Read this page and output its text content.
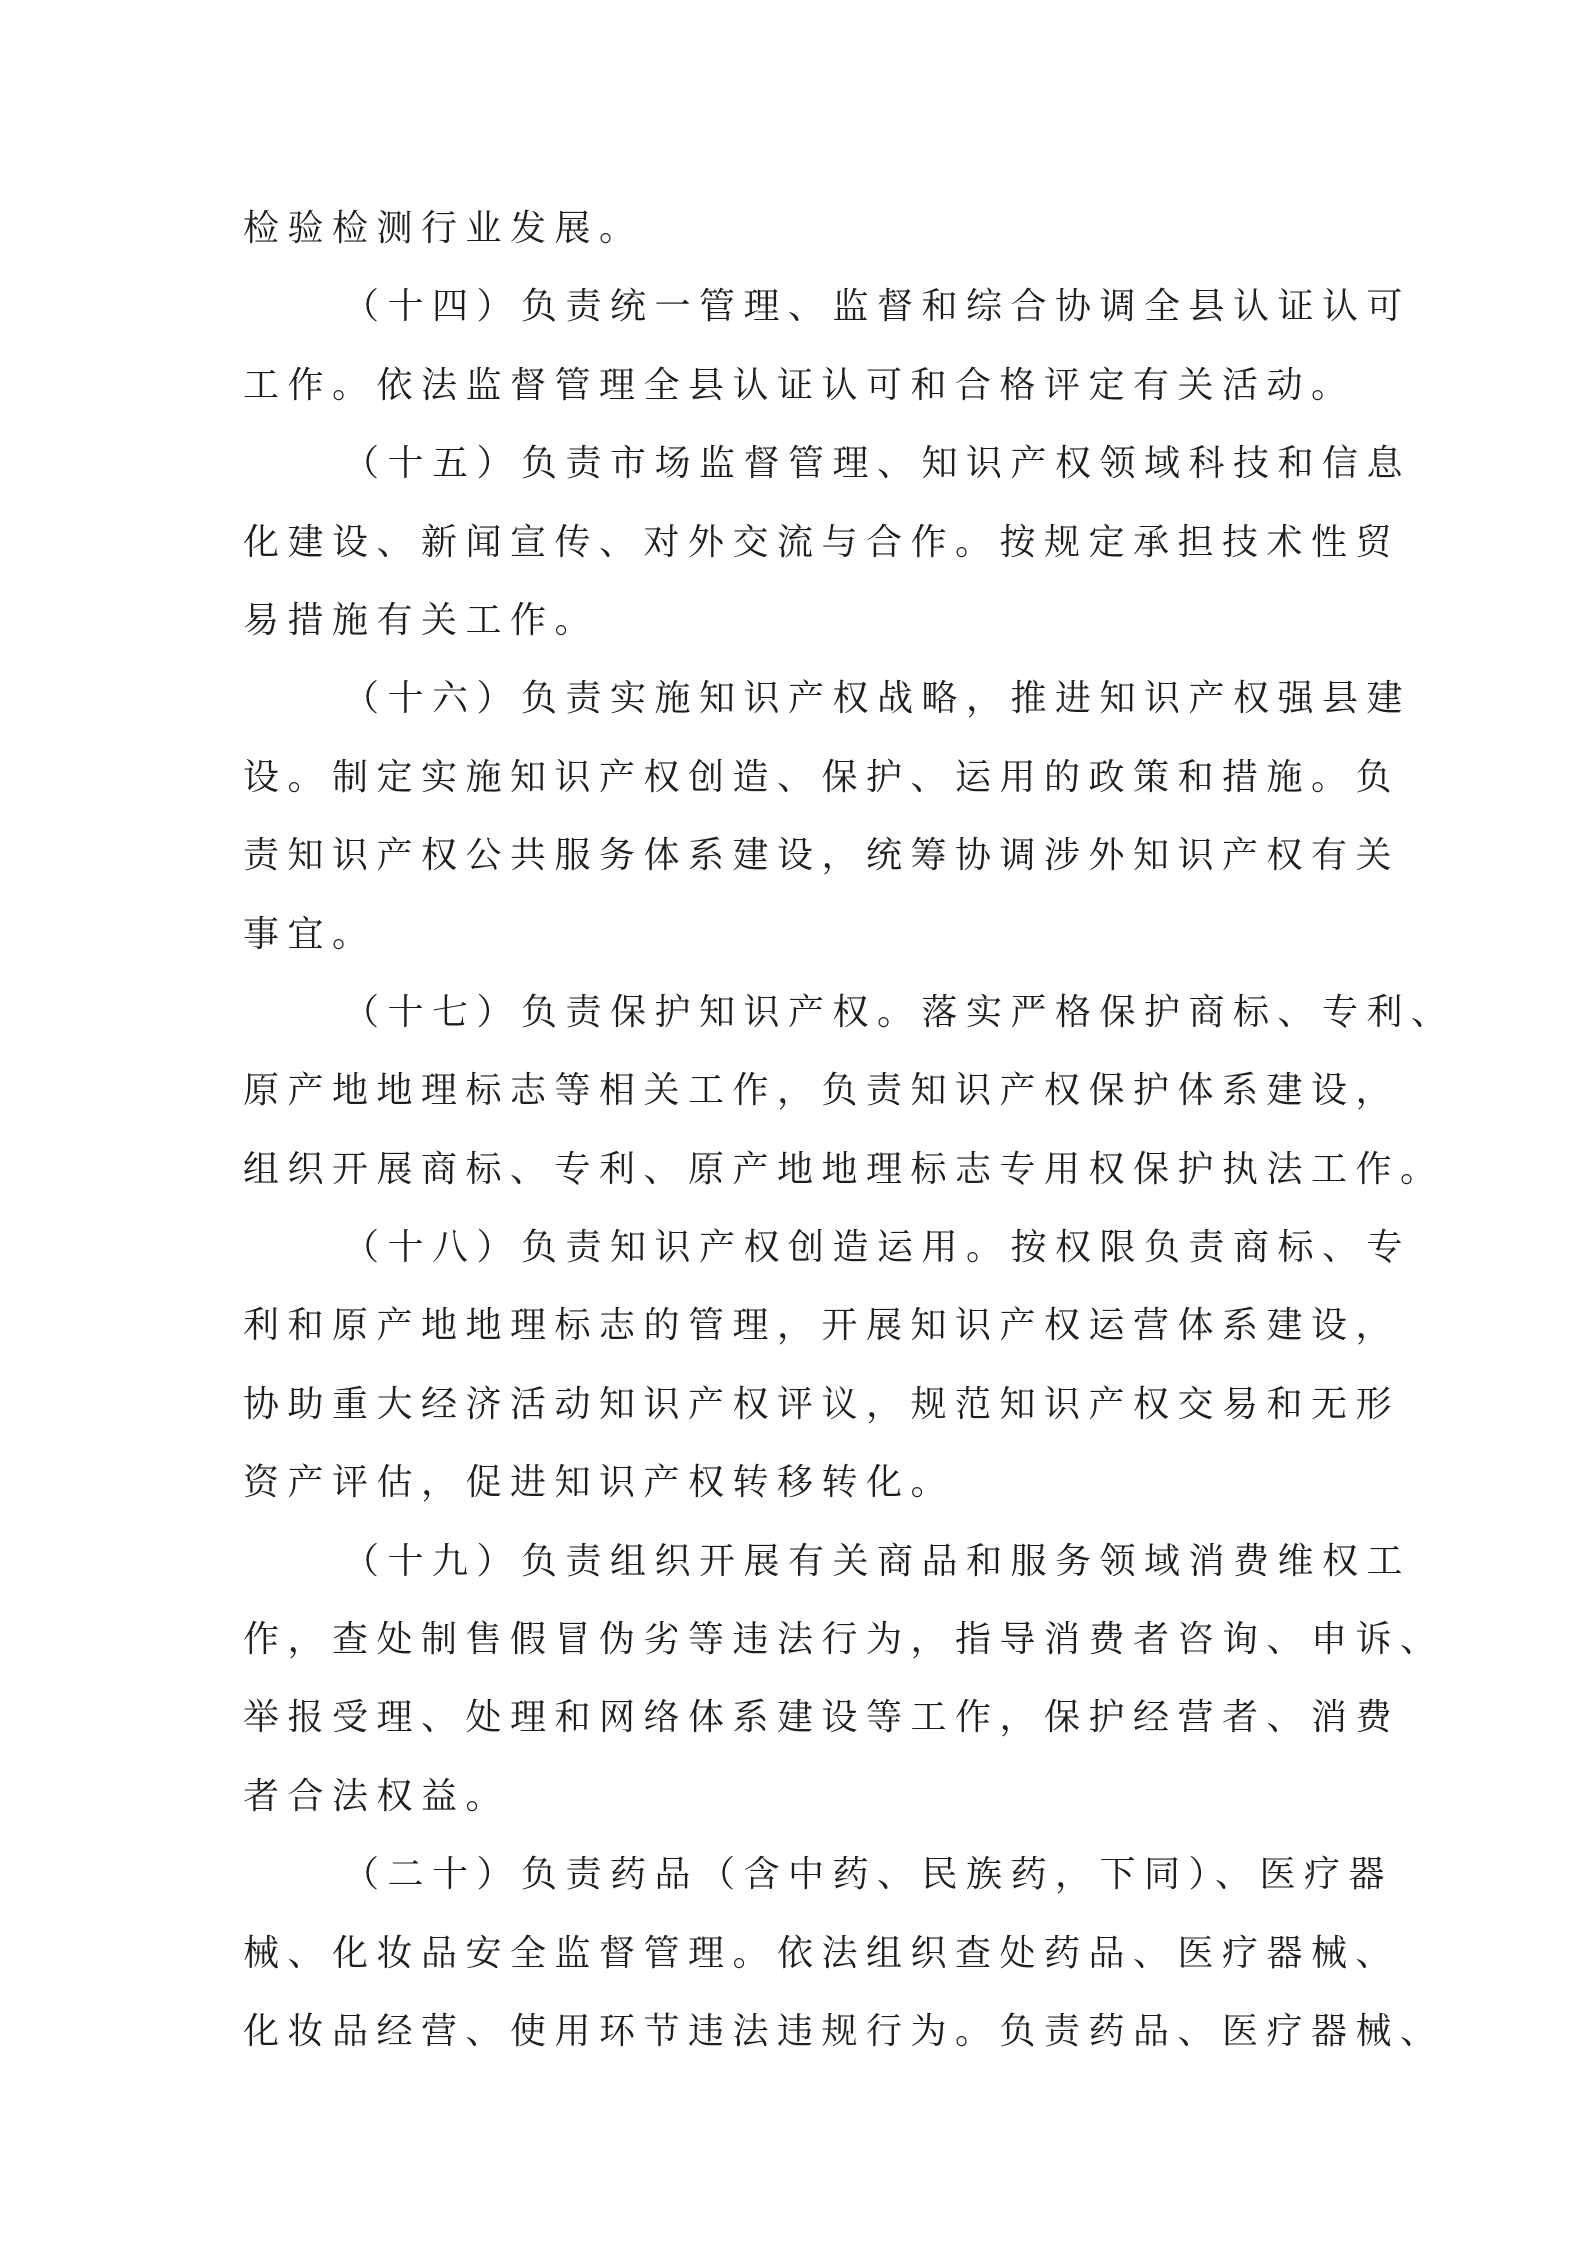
检验检测行业发展。
（十四）负责统一管理、监督和综合协调全县认证认可
工作。依法监督管理全县认证认可和合格评定有关活动。
（十五）负责市场监督管理、知识产权领域科技和信息
化建设、新闻宣传、对外交流与合作。按规定承担技术性贸
易措施有关工作。
（十六）负责实施知识产权战略，推进知识产权强县建
设。制定实施知识产权创造、保护、运用的政策和措施。负
责知识产权公共服务体系建设，统筹协调涉外知识产权有关
事宜。
（十七）负责保护知识产权。落实严格保护商标、专利、
原产地地理标志等相关工作，负责知识产权保护体系建设，
组织开展商标、专利、原产地地理标志专用权保护执法工作。
（十八）负责知识产权创造运用。按权限负责商标、专
利和原产地地理标志的管理，开展知识产权运营体系建设，
协助重大经济活动知识产权评议，规范知识产权交易和无形
资产评估，促进知识产权转移转化。
（十九）负责组织开展有关商品和服务领域消费维权工
作，查处制售假冒伪劣等违法行为，指导消费者咨询、申诉、
举报受理、处理和网络体系建设等工作，保护经营者、消费
者合法权益。
（二十）负责药品（含中药、民族药，下同）、医疗器
械、化妆品安全监督管理。依法组织查处药品、医疗器械、
化妆品经营、使用环节违法违规行为。负责药品、医疗器械、
